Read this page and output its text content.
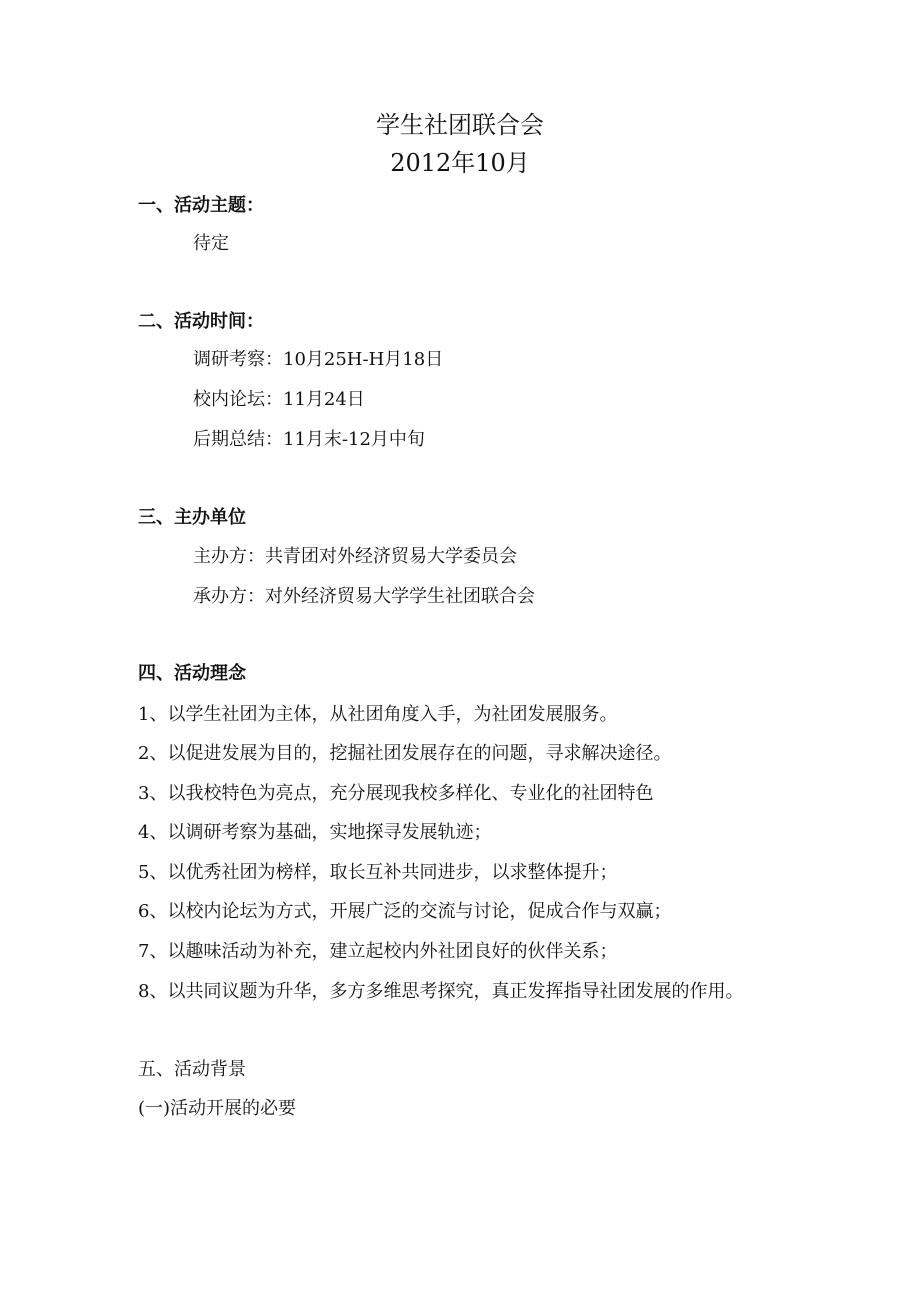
学生社团联合会
2012年10月
一、活动主题：
待定
二、活动时间：
调研考察：10月25H-H月18日
校内论坛：11月24日
后期总结：11月末-12月中旬
三、主办单位
主办方：共青团对外经济贸易大学委员会
承办方：对外经济贸易大学学生社团联合会
四、活动理念
1、以学生社团为主体，从社团角度入手，为社团发展服务。
2、以促进发展为目的，挖掘社团发展存在的问题，寻求解决途径。
3、以我校特色为亮点，充分展现我校多样化、专业化的社团特色
4、以调研考察为基础，实地探寻发展轨迹；
5、以优秀社团为榜样，取长互补共同进步，以求整体提升；
6、以校内论坛为方式，开展广泛的交流与讨论，促成合作与双赢；
7、以趣味活动为补充，建立起校内外社团良好的伙伴关系；
8、以共同议题为升华，多方多维思考探究，真正发挥指导社团发展的作用。
五、活动背景
(一)活动开展的必要
